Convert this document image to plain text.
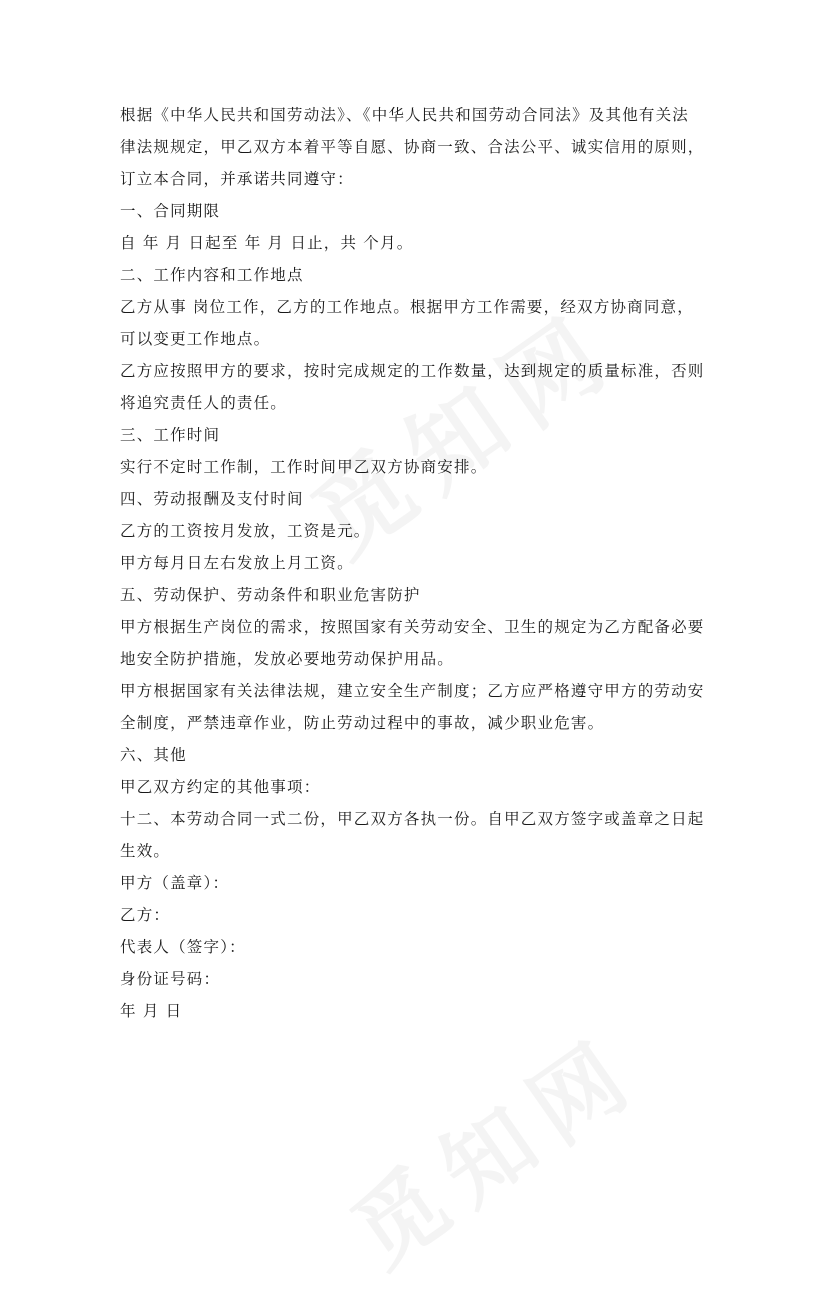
根据《中华人民共和国劳动法》、《中华人民共和国劳动合同法》及其他有关法

律法规规定，甲乙双方本着平等自愿、协商一致、合法公平、诚实信用的原则，

订立本合同，并承诺共同遵守：

一、合同期限

自 年 月 日起至 年 月 日止，共 个月。

二、工作内容和工作地点

乙方从事 岗位工作，乙方的工作地点。根据甲方工作需要，经双方协商同意，

可以变更工作地点。

乙方应按照甲方的要求，按时完成规定的工作数量，达到规定的质量标准，否则

将追究责任人的责任。

三、工作时间

实行不定时工作制，工作时间甲乙双方协商安排。

四、劳动报酬及支付时间

乙方的工资按月发放，工资是元。

甲方每月日左右发放上月工资。

五、劳动保护、劳动条件和职业危害防护

甲方根据生产岗位的需求，按照国家有关劳动安全、卫生的规定为乙方配备必要

地安全防护措施，发放必要地劳动保护用品。

甲方根据国家有关法律法规，建立安全生产制度；乙方应严格遵守甲方的劳动安

全制度，严禁违章作业，防止劳动过程中的事故，减少职业危害。

六、其他

甲乙双方约定的其他事项：

十二、本劳动合同一式二份，甲乙双方各执一份。自甲乙双方签字或盖章之日起

生效。

甲方（盖章）：

乙方：

代表人（签字）：

身份证号码：

年 月 日
